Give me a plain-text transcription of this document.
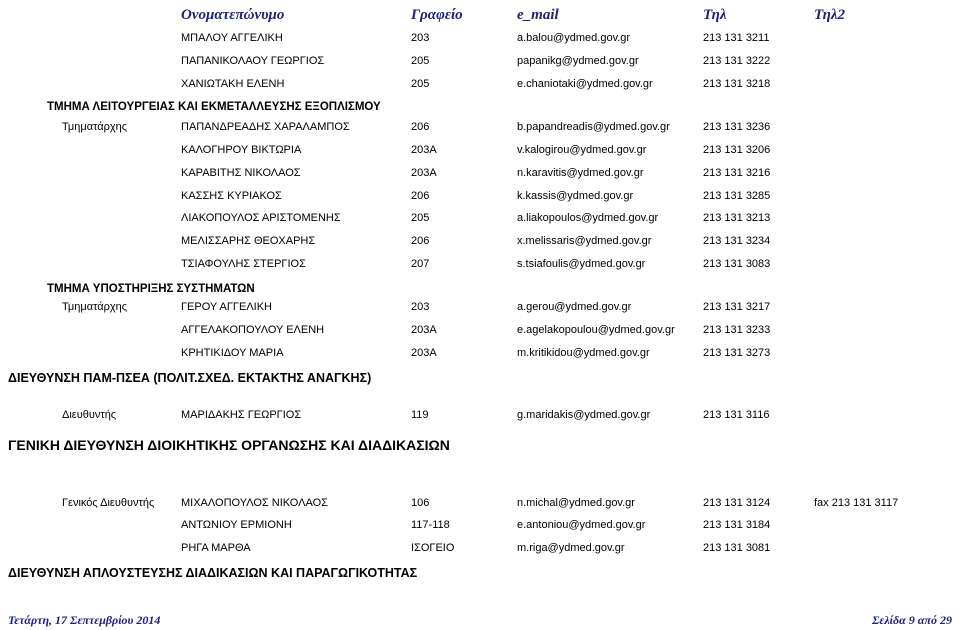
Ονοματεπώνυμο	Γραφείο	e_mail	Τηλ	Τηλ2
ΜΠΑΛΟΥ ΑΓΓΕΛΙΚΗ	203	a.balou@ydmed.gov.gr	213 131 3211
ΠΑΠΑΝΙΚΟΛΑΟΥ ΓΕΩΡΓΙΟΣ	205	papanikg@ydmed.gov.gr	213 131 3222
ΧΑΝΙΩΤΑΚΗ ΕΛΕΝΗ	205	e.chaniotaki@ydmed.gov.gr	213 131 3218
ΤΜΗΜΑ ΛΕΙΤΟΥΡΓΕΙΑΣ ΚΑΙ ΕΚΜΕΤΑΛΛΕΥΣΗΣ ΕΞΟΠΛΙΣΜΟΥ
Τμηματάρχης	ΠΑΠΑΝΔΡΕΑΔΗΣ ΧΑΡΑΛΑΜΠΟΣ	206	b.papandreadis@ydmed.gov.gr	213 131 3236
ΚΑΛΟΓΗΡΟΥ ΒΙΚΤΩΡΙΑ	203Α	v.kalogirou@ydmed.gov.gr	213 131 3206
ΚΑΡΑΒΙΤΗΣ ΝΙΚΟΛΑΟΣ	203Α	n.karavitis@ydmed.gov.gr	213 131 3216
ΚΑΣΣΗΣ ΚΥΡΙΑΚΟΣ	206	k.kassis@ydmed.gov.gr	213 131 3285
ΛΙΑΚΟΠΟΥΛΟΣ ΑΡΙΣΤΟΜΕΝΗΣ	205	a.liakopoulos@ydmed.gov.gr	213 131 3213
ΜΕΛΙΣΣΑΡΗΣ ΘΕΟΧΑΡΗΣ	206	x.melissaris@ydmed.gov.gr	213 131 3234
ΤΣΙΑΦΟΥΛΗΣ ΣΤΕΡΓΙΟΣ	207	s.tsiafoulis@ydmed.gov.gr	213 131 3083
ΤΜΗΜΑ ΥΠΟΣΤΗΡΙΞΗΣ ΣΥΣΤΗΜΑΤΩΝ
Τμηματάρχης	ΓΕΡΟΥ ΑΓΓΕΛΙΚΗ	203	a.gerou@ydmed.gov.gr	213 131 3217
ΑΓΓΕΛΑΚΟΠΟΥΛΟΥ ΕΛΕΝΗ	203Α	e.agelakopoulou@ydmed.gov.gr	213 131 3233
ΚΡΗΤΙΚΙΔΟΥ ΜΑΡΙΑ	203Α	m.kritikidou@ydmed.gov.gr	213 131 3273
ΔΙΕΥΘΥΝΣΗ ΠΑΜ-ΠΣΕΑ (ΠΟΛΙΤ.ΣΧΕΔ. ΕΚΤΑΚΤΗΣ ΑΝΑΓΚΗΣ)
Διευθυντής	ΜΑΡΙΔΑΚΗΣ ΓΕΩΡΓΙΟΣ	119	g.maridakis@ydmed.gov.gr	213 131 3116
ΓΕΝΙΚΗ ΔΙΕΥΘΥΝΣΗ ΔΙΟΙΚΗΤΙΚΗΣ ΟΡΓΑΝΩΣΗΣ ΚΑΙ ΔΙΑΔΙΚΑΣΙΩΝ
Γενικός Διευθυντής ΜΙΧΑΛΟΠΟΥΛΟΣ ΝΙΚΟΛΑΟΣ	106	n.michal@ydmed.gov.gr	213 131 3124	fax 213 131 3117
ΑΝΤΩΝΙΟΥ ΕΡΜΙΟΝΗ	117-118	e.antoniou@ydmed.gov.gr	213 131 3184
ΡΗΓΑ ΜΑΡΘΑ	ΙΣΟΓΕΙΟ	m.riga@ydmed.gov.gr	213 131 3081
ΔΙΕΥΘΥΝΣΗ ΑΠΛΟΥΣΤΕΥΣΗΣ ΔΙΑΔΙΚΑΣΙΩΝ ΚΑΙ ΠΑΡΑΓΩΓΙΚΟΤΗΤΑΣ
Τετάρτη, 17 Σεπτεμβρίου 2014	Σελίδα 9 από 29
